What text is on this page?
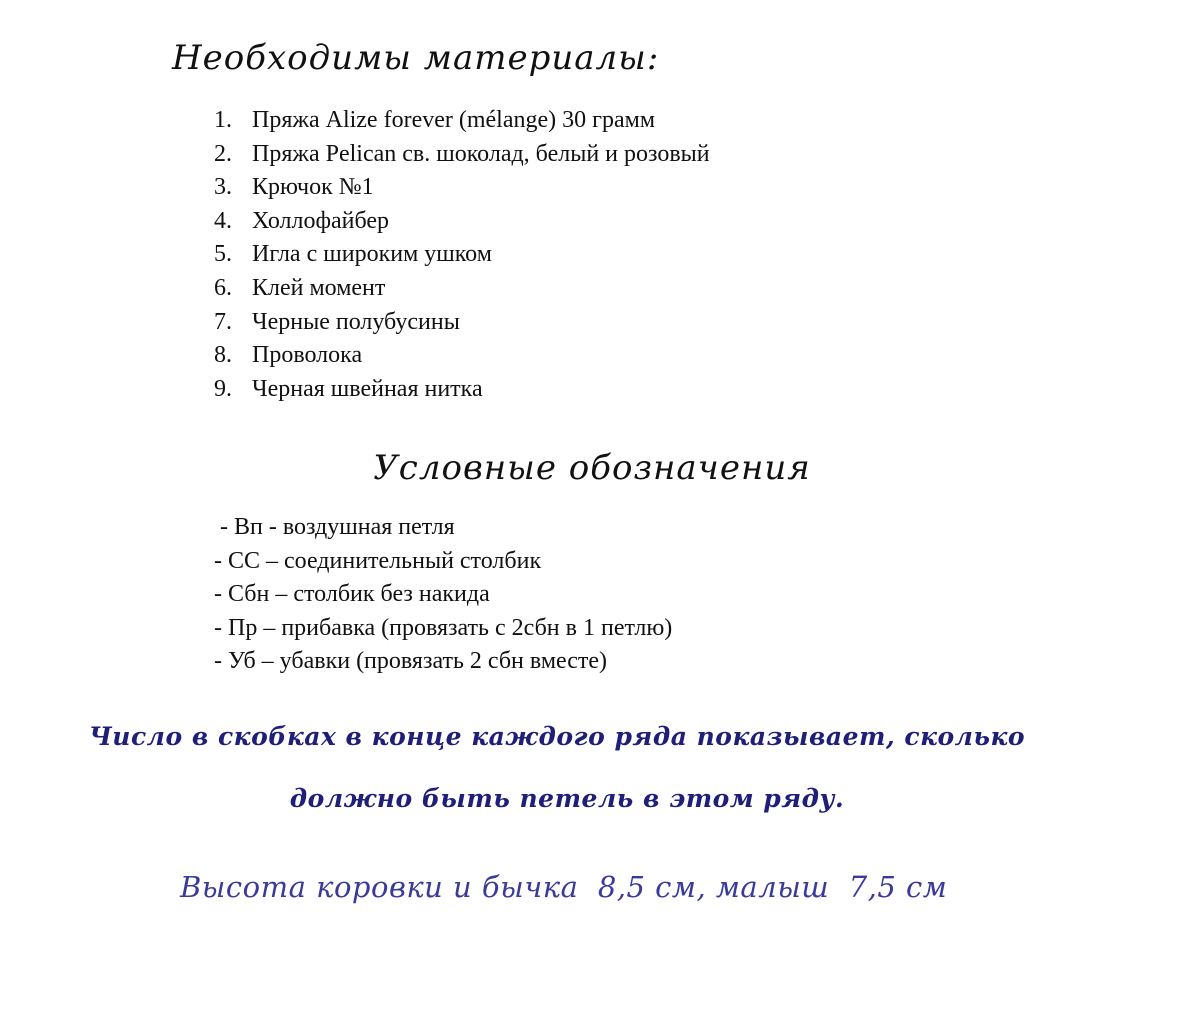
Необходимы материалы:
1. Пряжа Alize forever (mélange) 30 грамм
2. Пряжа Pelican св. шоколад, белый и розовый
3. Крючок №1
4. Холлофайбер
5. Игла с широким ушком
6. Клей момент
7. Черные полубусины
8. Проволока
9. Черная швейная нитка
Условные обозначения
- Вп - воздушная петля
- СС – соединительный столбик
- Сбн – столбик без накида
- Пр – прибавка (провязать с 2сбн в 1 петлю)
- Уб – убавки (провязать 2 сбн вместе)

Число в скобках в конце каждого ряда показывает, сколько

должно быть петель в этом ряду.

Высота коровки и бычка  8,5 см, малыш  7,5 см
